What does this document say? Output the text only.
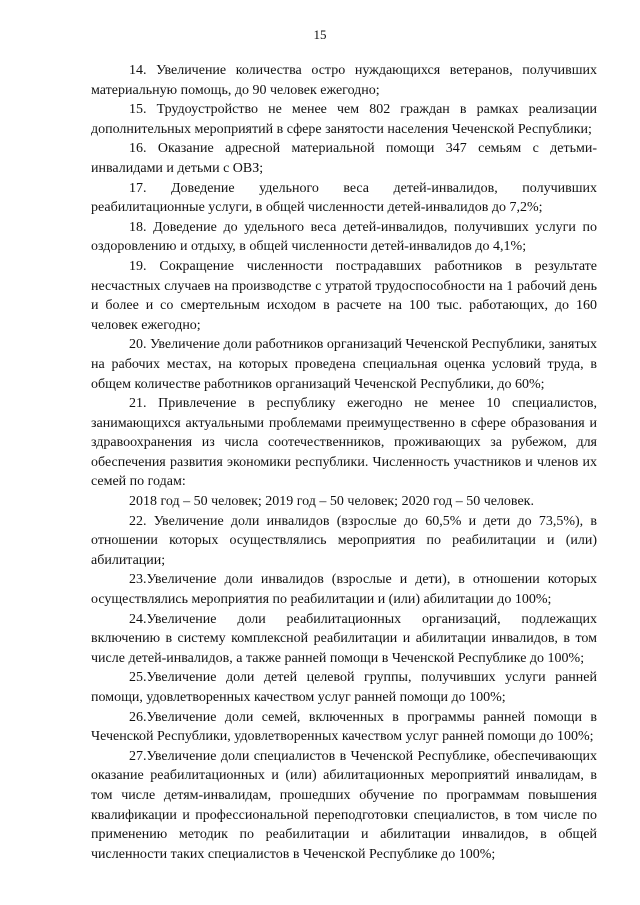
15

14. Увеличение количества остро нуждающихся ветеранов, получивших материальную помощь, до 90 человек ежегодно;

15. Трудоустройство не менее чем 802 граждан в рамках реализации дополнительных мероприятий в сфере занятости населения Чеченской Республики;

16. Оказание адресной материальной помощи 347 семьям с детьми-инвалидами и детьми с ОВЗ;

17. Доведение удельного веса детей-инвалидов, получивших реабилитационные услуги, в общей численности детей-инвалидов до 7,2%;

18. Доведение до удельного веса детей-инвалидов, получивших услуги по оздоровлению и отдыху, в общей численности детей-инвалидов до 4,1%;

19. Сокращение численности пострадавших работников в результате несчастных случаев на производстве с утратой трудоспособности на 1 рабочий день и более и со смертельным исходом в расчете на 100 тыс. работающих, до 160 человек ежегодно;

20. Увеличение доли работников организаций Чеченской Республики, занятых на рабочих местах, на которых проведена специальная оценка условий труда, в общем количестве работников организаций Чеченской Республики, до 60%;

21. Привлечение в республику ежегодно не менее 10 специалистов, занимающихся актуальными проблемами преимущественно в сфере образования и здравоохранения из числа соотечественников, проживающих за рубежом, для обеспечения развития экономики республики. Численность участников и членов их семей по годам:

2018 год – 50 человек; 2019 год – 50 человек; 2020 год – 50 человек.

22. Увеличение доли инвалидов (взрослые до 60,5% и дети до 73,5%), в отношении которых осуществлялись мероприятия по реабилитации и (или) абилитации;

23.Увеличение доли инвалидов (взрослые и дети), в отношении которых осуществлялись мероприятия по реабилитации и (или) абилитации до 100%;

24.Увеличение доли реабилитационных организаций, подлежащих включению в систему комплексной реабилитации и абилитации инвалидов, в том числе детей-инвалидов, а также ранней помощи в Чеченской Республике до 100%;

25.Увеличение доли детей целевой группы, получивших услуги ранней помощи, удовлетворенных качеством услуг ранней помощи до 100%;

26.Увеличение доли семей, включенных в программы ранней помощи в Чеченской Республики, удовлетворенных качеством услуг ранней помощи до 100%;

27.Увеличение доли специалистов в Чеченской Республике, обеспечивающих оказание реабилитационных и (или) абилитационных мероприятий инвалидам, в том числе детям-инвалидам, прошедших обучение по программам повышения квалификации и профессиональной переподготовки специалистов, в том числе по применению методик по реабилитации и абилитации инвалидов, в общей численности таких специалистов в Чеченской Республике до 100%;
